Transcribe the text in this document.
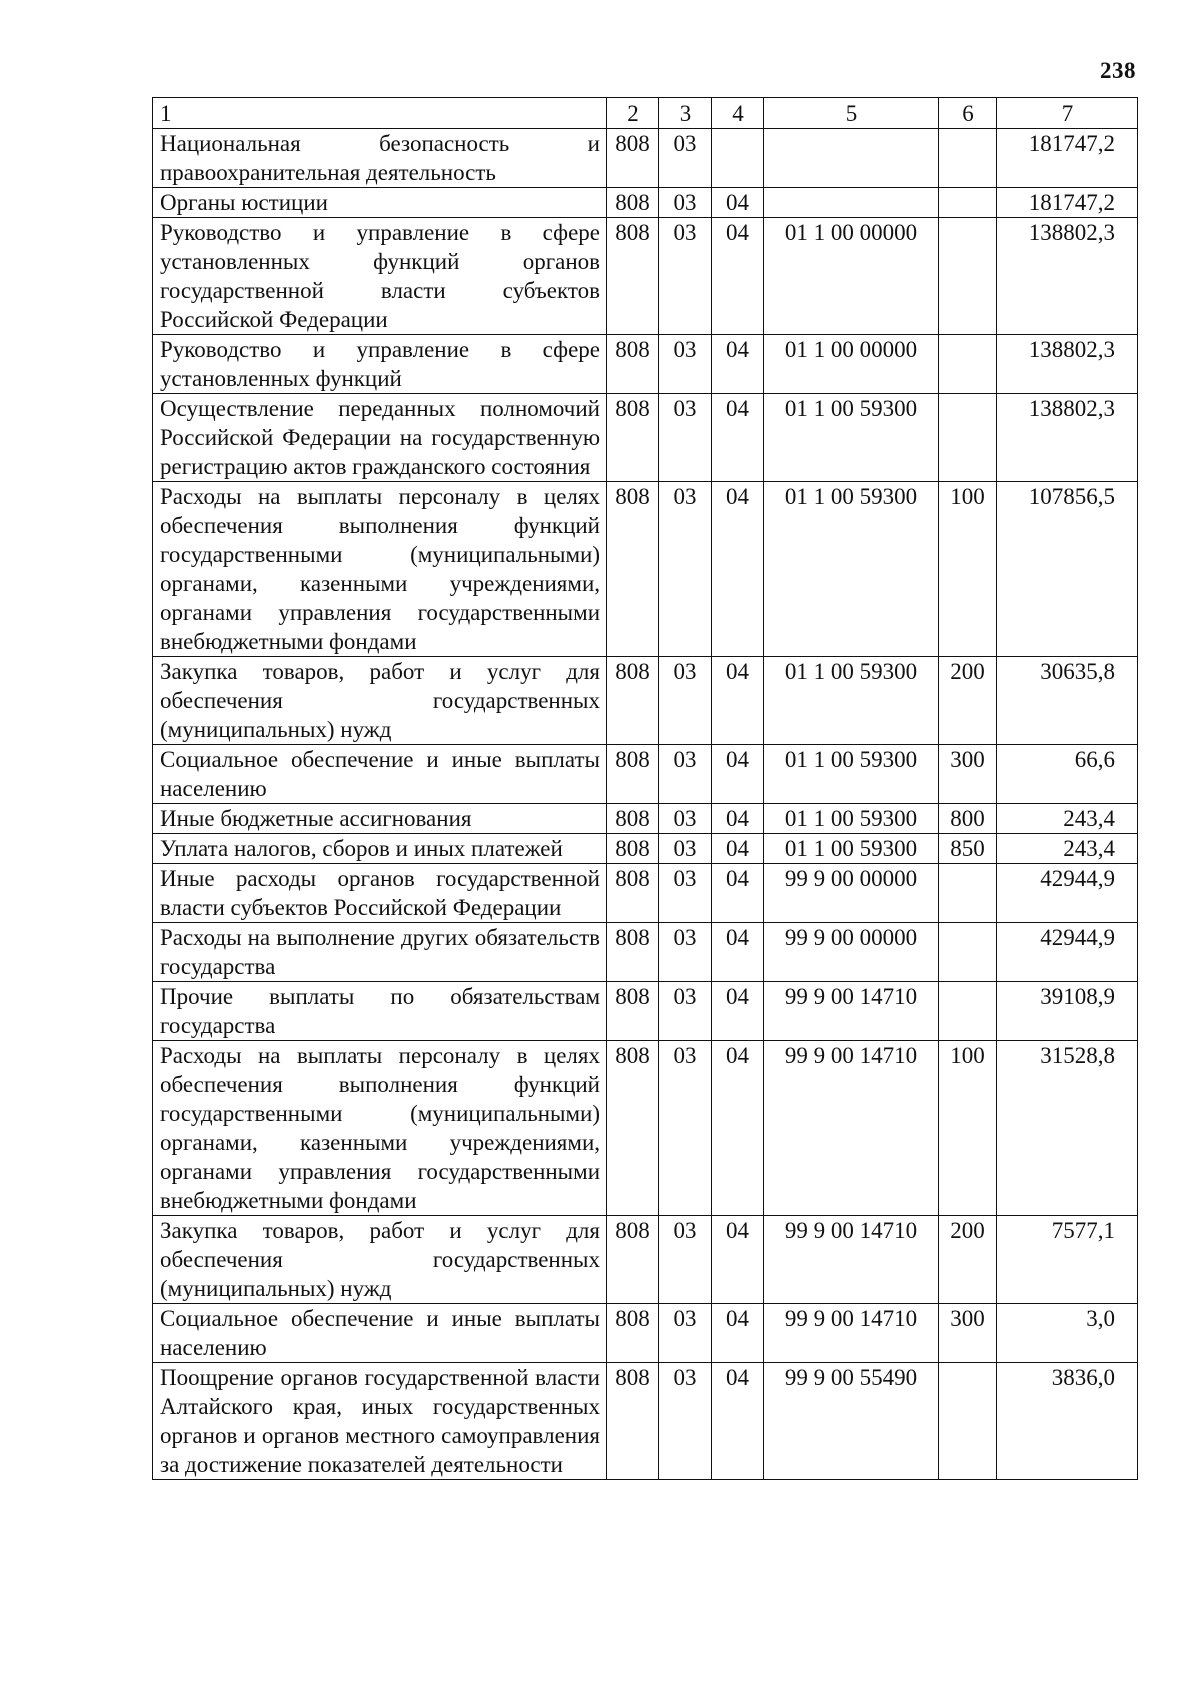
238
1	2	3	4	5	6	7
Национальная безопасность и правоохранительная деятельность	808	03				181747,2
Органы юстиции	808	03	04			181747,2
Руководство и управление в сфере установленных функций органов государственной власти субъектов Российской Федерации	808	03	04	01 1 00 00000		138802,3
Руководство и управление в сфере установленных функций	808	03	04	01 1 00 00000		138802,3
Осуществление переданных полномочий Российской Федерации на государственную регистрацию актов гражданского состояния	808	03	04	01 1 00 59300		138802,3
Расходы на выплаты персоналу в целях обеспечения выполнения функций государственными (муниципальными) органами, казенными учреждениями, органами управления государственными внебюджетными фондами	808	03	04	01 1 00 59300	100	107856,5
Закупка товаров, работ и услуг для обеспечения государственных (муниципальных) нужд	808	03	04	01 1 00 59300	200	30635,8
Социальное обеспечение и иные выплаты населению	808	03	04	01 1 00 59300	300	66,6
Иные бюджетные ассигнования	808	03	04	01 1 00 59300	800	243,4
Уплата налогов, сборов и иных платежей	808	03	04	01 1 00 59300	850	243,4
Иные расходы органов государственной власти субъектов Российской Федерации	808	03	04	99 9 00 00000		42944,9
Расходы на выполнение других обязательств государства	808	03	04	99 9 00 00000		42944,9
Прочие выплаты по обязательствам государства	808	03	04	99 9 00 14710		39108,9
Расходы на выплаты персоналу в целях обеспечения выполнения функций государственными (муниципальными) органами, казенными учреждениями, органами управления государственными внебюджетными фондами	808	03	04	99 9 00 14710	100	31528,8
Закупка товаров, работ и услуг для обеспечения государственных (муниципальных) нужд	808	03	04	99 9 00 14710	200	7577,1
Социальное обеспечение и иные выплаты населению	808	03	04	99 9 00 14710	300	3,0
Поощрение органов государственной власти Алтайского края, иных государственных органов и органов местного самоуправления за достижение показателей деятельности	808	03	04	99 9 00 55490		3836,0
